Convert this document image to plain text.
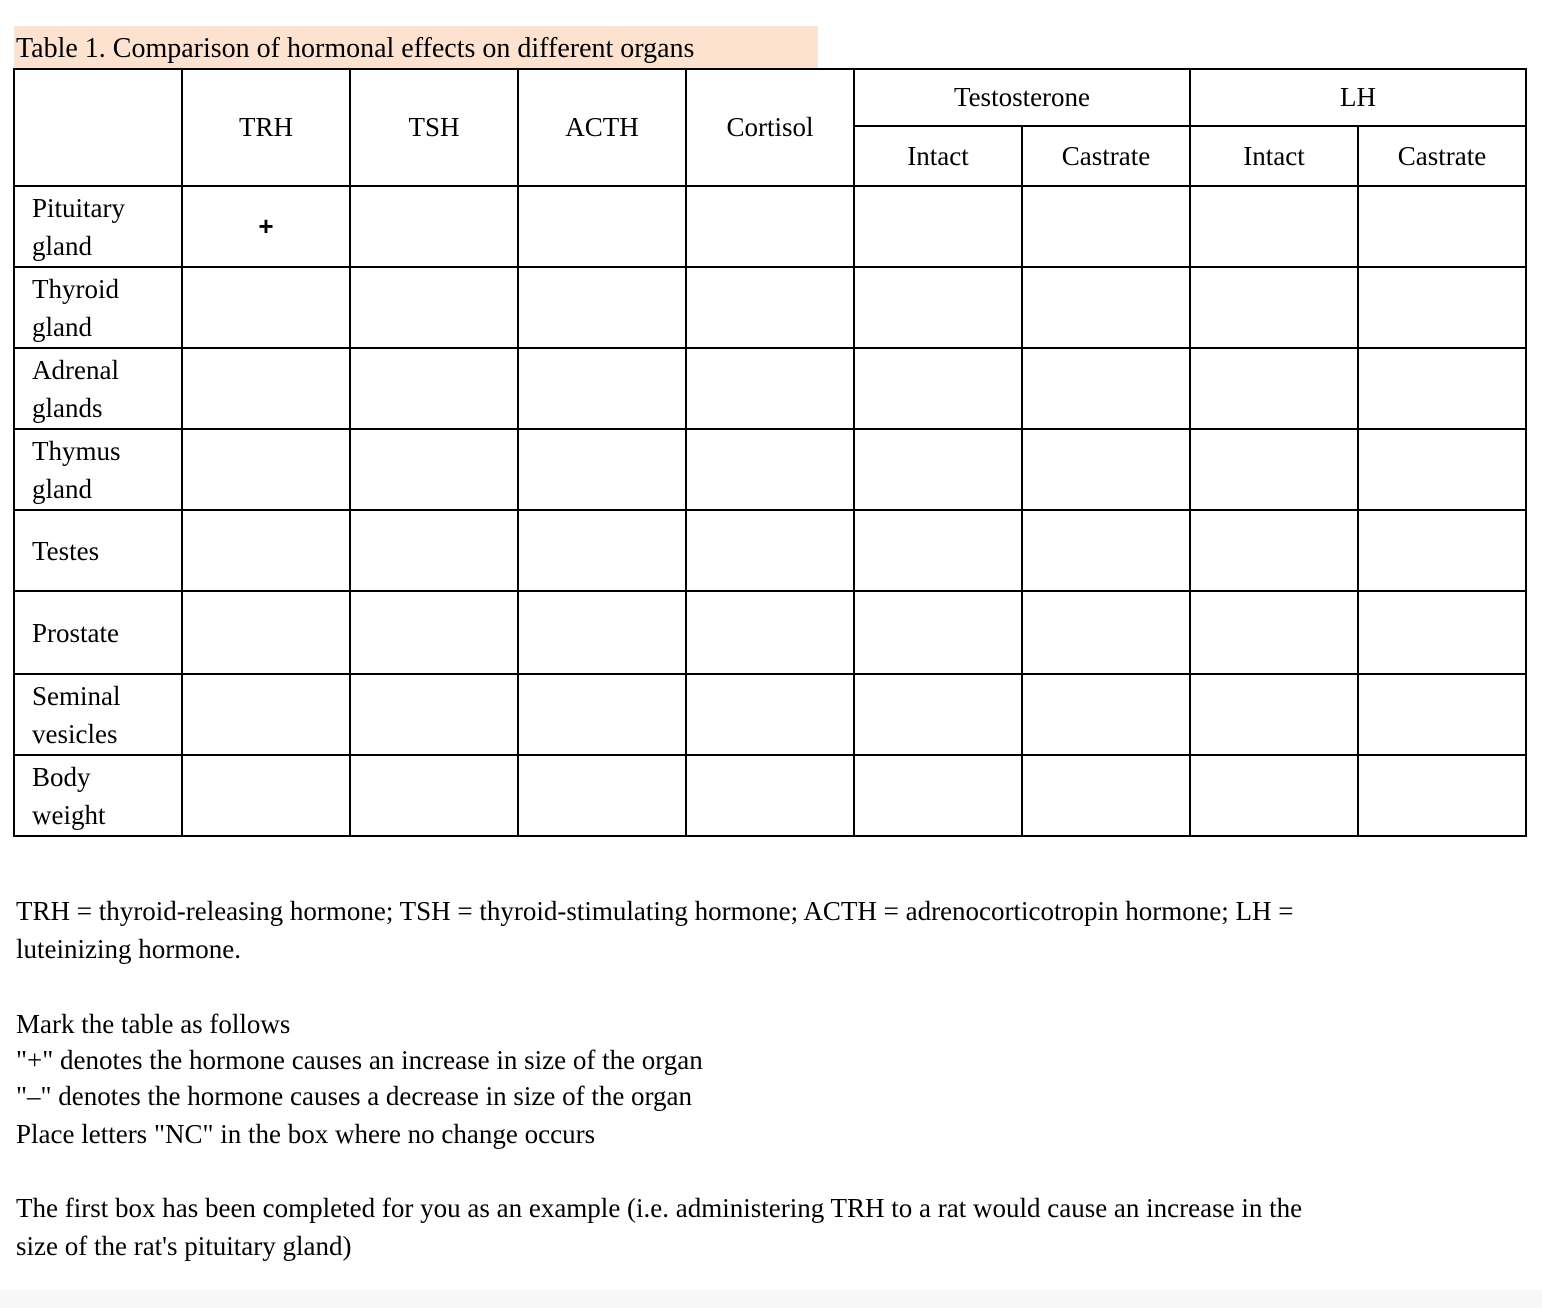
Table 1. Comparison of hormonal effects on different organs
	TRH	TSH	ACTH	Cortisol	Testosterone		LH	
					Intact	Castrate	Intact	Castrate

Pituitary
gland	+							

Thyroid
gland								

Adrenal
glands								

Thymus
gland								

Testes								

Prostate								

Seminal
vesicles								

Body
weight								

TRH = thyroid-releasing hormone; TSH = thyroid-stimulating hormone; ACTH = adrenocorticotropin hormone; LH =
luteinizing hormone.
Mark the table as follows
"+" denotes the hormone causes an increase in size of the organ
"–" denotes the hormone causes a decrease in size of the organ
Place letters "NC" in the box where no change occurs
The first box has been completed for you as an example (i.e. administering TRH to a rat would cause an increase in the
size of the rat's pituitary gland)
